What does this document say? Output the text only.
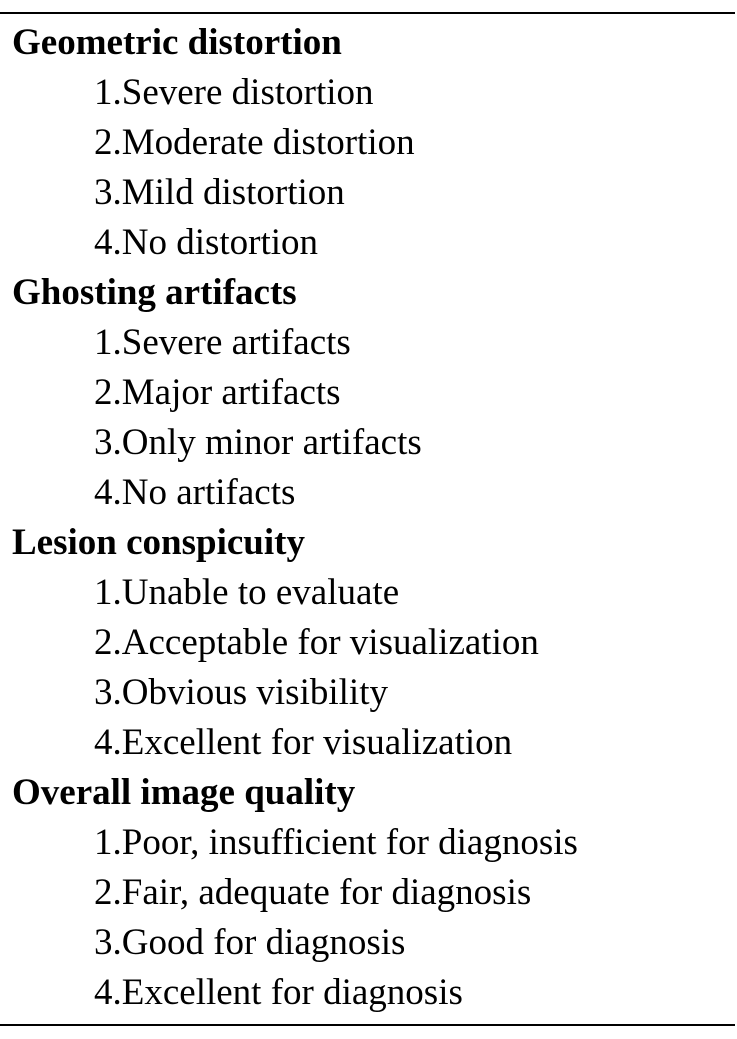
Geometric distortion
1.Severe distortion
2.Moderate distortion
3.Mild distortion
4.No distortion
Ghosting artifacts
1.Severe artifacts
2.Major artifacts
3.Only minor artifacts
4.No artifacts
Lesion conspicuity
1.Unable to evaluate
2.Acceptable for visualization
3.Obvious visibility
4.Excellent for visualization
Overall image quality
1.Poor, insufficient for diagnosis
2.Fair, adequate for diagnosis
3.Good for diagnosis
4.Excellent for diagnosis
